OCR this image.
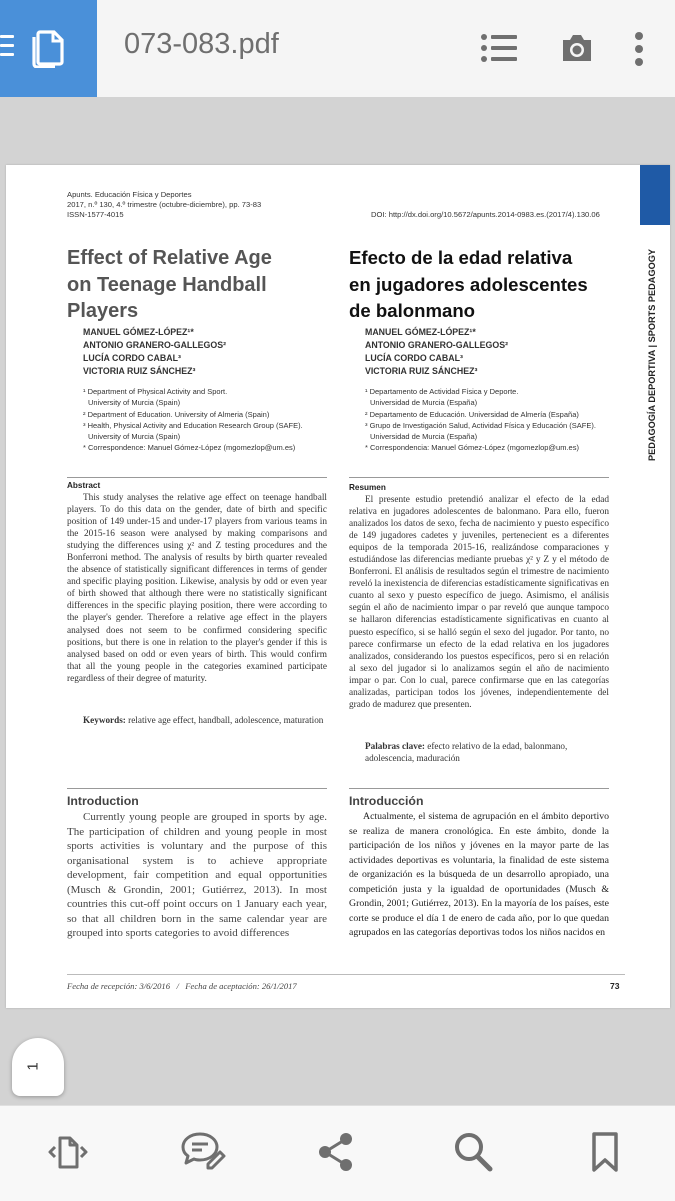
073-083.pdf
PEDAGOGÍA DEPORTIVA | SPORTS PEDAGOGY
Apunts. Educación Física y Deportes
2017, n.º 130, 4.º trimestre (octubre-diciembre), pp. 73-83
ISSN-1577-4015	DOI: http://dx.doi.org/10.5672/apunts.2014-0983.es.(2017/4).130.06
Effect of Relative Age
on Teenage Handball
Players
MANUEL GÓMEZ-LÓPEZ¹*
ANTONIO GRANERO-GALLEGOS²
LUCÍA CORDO CABAL³
VICTORIA RUIZ SÁNCHEZ³
¹ Department of Physical Activity and Sport.
University of Murcia (Spain)
² Department of Education. University of Almeria (Spain)
³ Health, Physical Activity and Education Research Group (SAFE).
University of Murcia (Spain)
* Correspondence: Manuel Gómez-López (mgomezlop@um.es)
Efecto de la edad relativa
en jugadores adolescentes
de balonmano
MANUEL GÓMEZ-LÓPEZ¹*
ANTONIO GRANERO-GALLEGOS²
LUCÍA CORDO CABAL³
VICTORIA RUIZ SÁNCHEZ³
¹ Departamento de Actividad Física y Deporte.
Universidad de Murcia (España)
² Departamento de Educación. Universidad de Almería (España)
³ Grupo de Investigación Salud, Actividad Física y Educación (SAFE).
Universidad de Murcia (España)
* Correspondencia: Manuel Gómez-López (mgomezlop@um.es)
Abstract
This study analyses the relative age effect on teenage handball players. To do this data on the gender, date of birth and specific position of 149 under-15 and under-17 players from various teams in the 2015-16 season were analysed by making comparisons and studying the differences using χ² and Z testing procedures and the Bonferroni method. The analysis of results by birth quarter revealed the absence of statistically significant differences in terms of gender and specific playing position. Likewise, analysis by odd or even year of birth showed that although there were no statistically significant differences in the specific playing position, there were according to the player's gender. Therefore a relative age effect in the players analysed does not seem to be confirmed considering specific positions, but there is one in relation to the player's gender if this is analysed based on odd or even years of birth. This would confirm that all the young people in the categories examined participate regardless of their degree of maturity.
Keywords: relative age effect, handball, adolescence, maturation
Resumen
El presente estudio pretendió analizar el efecto de la edad relativa en jugadores adolescentes de balonmano. Para ello, fueron analizados los datos de sexo, fecha de nacimiento y puesto específico de 149 jugadores cadetes y juveniles, pertenecient es a diferentes equipos de la temporada 2015-16, realizándose comparaciones y estudiándose las diferencias mediante pruebas χ² y Z y el método de Bonferroni. El análisis de resultados según el trimestre de nacimiento reveló la inexistencia de diferencias estadísticamente significativas en cuanto al sexo y puesto específico de juego. Asimismo, el análisis según el año de nacimiento impar o par reveló que aunque tampoco se hallaron diferencias estadísticamente significativas en cuanto al puesto específico, si se halló según el sexo del jugador. Por tanto, no parece confirmarse un efecto de la edad relativa en los jugadores analizados, considerando los puestos específicos, pero si en relación al sexo del jugador si lo analizamos según el año de nacimiento impar o par. Con lo cual, parece confirmarse que en las categorías analizadas, participan todos los jóvenes, independientemente del grado de madurez que presenten.
Palabras clave: efecto relativo de la edad, balonmano, adolescencia, maduración
Introduction
Currently young people are grouped in sports by age. The participation of children and young people in most sports activities is voluntary and the purpose of this organisational system is to achieve appropriate development, fair competition and equal opportunities (Musch & Grondin, 2001; Gutiérrez, 2013). In most countries this cut-off point occurs on 1 January each year, so that all children born in the same calendar year are grouped into sports categories to avoid differences
Introducción
Actualmente, el sistema de agrupación en el ámbito deportivo se realiza de manera cronológica. En este ámbito, donde la participación de los niños y jóvenes en la mayor parte de las actividades deportivas es voluntaria, la finalidad de este sistema de organización es la búsqueda de un desarrollo apropiado, una competición justa y la igualdad de oportunidades (Musch & Grondin, 2001; Gutiérrez, 2013). En la mayoría de los países, este corte se produce el día 1 de enero de cada año, por lo que quedan agrupados en las categorías deportivas todos los niños nacidos en
Fecha de recepción: 3/6/2016   /   Fecha de aceptación: 26/1/2017	73
1
